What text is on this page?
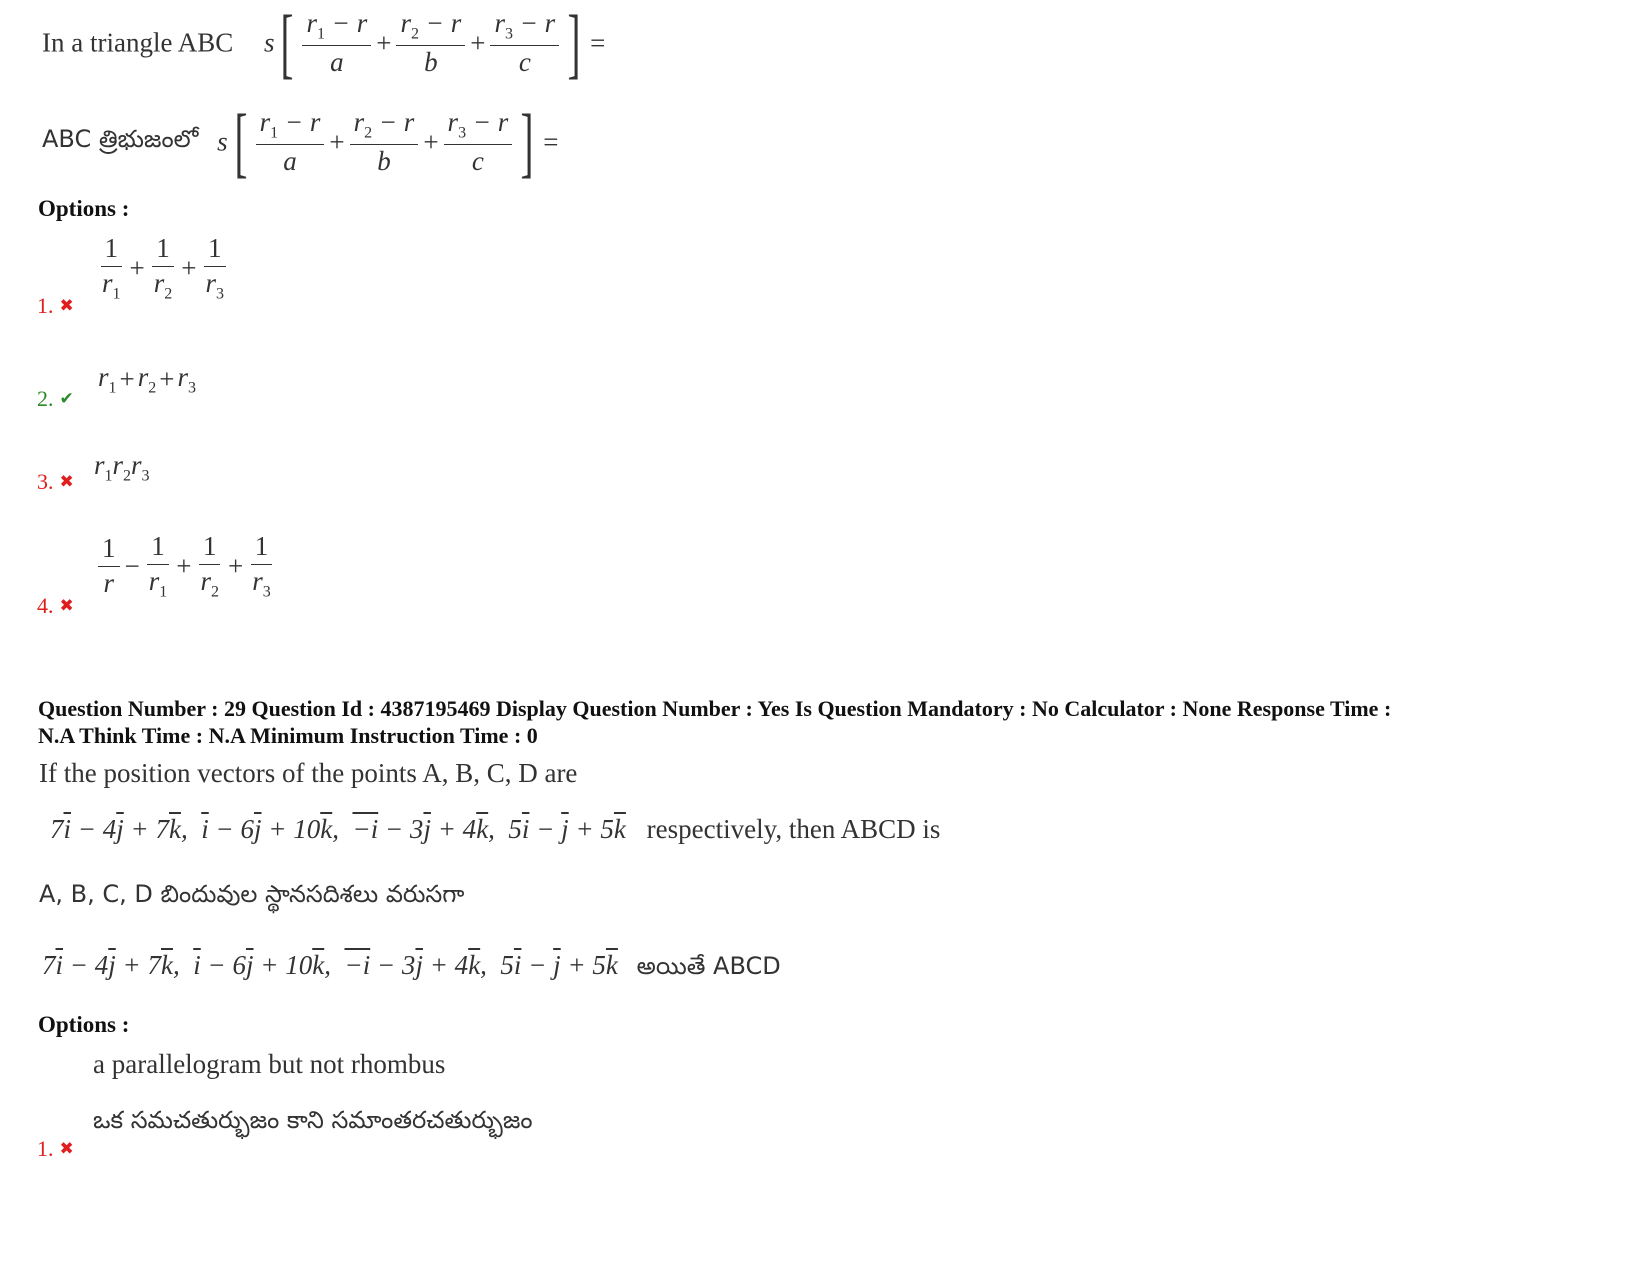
In a triangle ABC $s[ \frac{r_1 - r}{a} + \frac{r_2 - r}{b} + \frac{r_3 - r}{c}$ ] =
ABC త్రిభుజంలో $s[ \frac{r_1 - r}{a} + \frac{r_2 - r}{b} + \frac{r_3 - r}{c}$ ] =
Options :
1. ✖
$\frac{1}{r_1} + \frac{1}{r_2} + \frac{1}{r_3}$
2. ✔
$r_1 + r_2 + r_3$
3. ✖
$r_1r_2r_3$
4. ✖
$\frac{1}{r} - \frac{1}{r_1} + \frac{1}{r_2} + \frac{1}{r_3}$
Question Number : 29 Question Id : 4387195469 Display Question Number : Yes Is Question Mandatory : No Calculator : None Response Time :
N.A Think Time : N.A Minimum Instruction Time : 0
If the position vectors of the points A, B, C, D are
$7\overline{i} - 4\overline{j} + 7\overline{k}$,  $\overline{i} - 6\overline{j} + 10\overline{k}$,  $-i - 3\overline{j} + 4\overline{k}$,  $5\overline{i} - \overline{j} + 5\overline{k}$ respectively, then ABCD is
A, B, C, D బిందువుల స్థానసదిశలు వరుసగా
$7\overline{i} - 4\overline{j} + 7\overline{k}$,  $\overline{i} - 6\overline{j} + 10\overline{k}$,  $-i - 3\overline{j} + 4\overline{k}$,  $5\overline{i} - \overline{j} + 5\overline{k}$ అయితే ABCD
Options :
a parallelogram but not rhombus
ఒక సమచతుర్భుజం కాని సమాంతరచతుర్భుజం
1. ✖
